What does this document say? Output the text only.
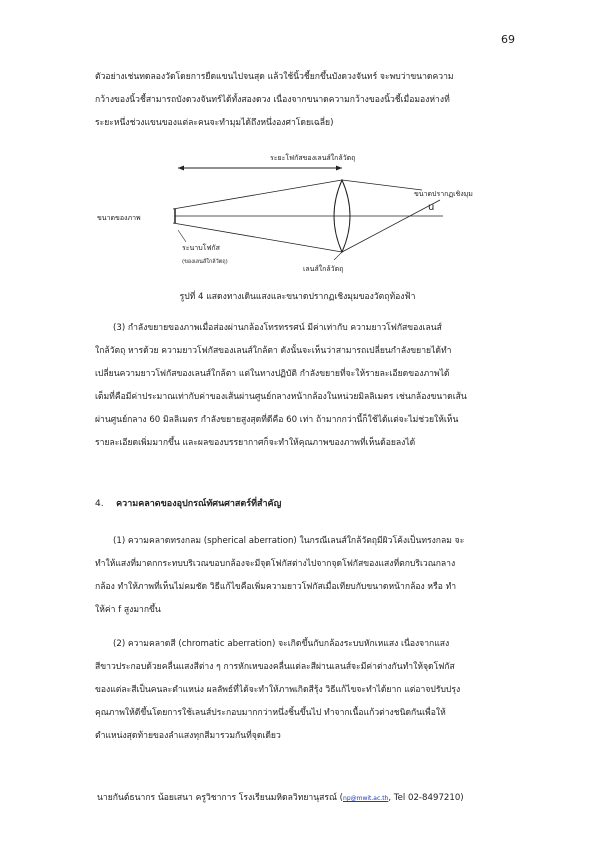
69
ตัวอย่างเช่นทดลองวัดโดยการยืดแขนไปจนสุด แล้วใช้นิ้วชี้ยกขึ้นบังดวงจันทร์ จะพบว่าขนาดความ
กว้างของนิ้วชี้สามารถบังดวงจันทร์ได้ทั้งสองดวง เนื่องจากขนาดความกว้างของนิ้วชี้เมื่อมองห่างที่
ระยะหนึ่งช่วงแขนของแต่ละคนจะทำมุมได้ถึงหนึ่งองศาโดยเฉลี่ย)
ระยะโฟกัสของเลนส์ใกล้วัตถุ
ขนาดของภาพ
ระนาบโฟกัส
(ของเลนส์ใกล้วัตถุ)
เลนส์ใกล้วัตถุ
ขนาดปรากฏเชิงมุม
u
รูปที่ 4 แสดงทางเดินแสงและขนาดปรากฏเชิงมุมของวัตถุท้องฟ้า
(3) กำลังขยายของภาพเมื่อส่องผ่านกล้องโทรทรรศน์ มีค่าเท่ากับ ความยาวโฟกัสของเลนส์
ใกล้วัตถุ หารด้วย ความยาวโฟกัสของเลนส์ใกล้ตา ดังนั้นจะเห็นว่าสามารถเปลี่ยนกำลังขยายได้ทำ
เปลี่ยนความยาวโฟกัสของเลนส์ใกล้ตา แต่ในทางปฏิบัติ กำลังขยายที่จะให้รายละเอียดของภาพได้
เต็มที่คือมีค่าประมาณเท่ากับค่าของเส้นผ่านศูนย์กลางหน้ากล้องในหน่วยมิลลิเมตร เช่นกล้องขนาดเส้น
ผ่านศูนย์กลาง 60 มิลลิเมตร กำลังขยายสูงสุดที่ดีคือ 60 เท่า ถ้ามากกว่านี้ก็ใช้ได้แต่จะไม่ช่วยให้เห็น
รายละเอียดเพิ่มมากขึ้น และผลของบรรยากาศก็จะทำให้คุณภาพของภาพที่เห็นด้อยลงได้
4. ความคลาดของอุปกรณ์ทัศนศาสตร์ที่สำคัญ
(1) ความคลาดทรงกลม (spherical aberration) ในกรณีเลนส์ใกล้วัตถุมีผิวโค้งเป็นทรงกลม จะ
ทำให้แสงที่มาตกกระทบบริเวณขอบกล้องจะมีจุดโฟกัสต่างไปจากจุดโฟกัสของแสงที่ตกบริเวณกลาง
กล้อง ทำให้ภาพที่เห็นไม่คมชัด วิธีแก้ไขคือเพิ่มความยาวโฟกัสเมื่อเทียบกับขนาดหน้ากล้อง หรือ ทำ
ให้ค่า f สูงมากขึ้น
(2) ความคลาดสี (chromatic aberration) จะเกิดขึ้นกับกล้องระบบหักเหแสง เนื่องจากแสง
สีขาวประกอบด้วยคลื่นแสงสีต่าง ๆ การหักเหของคลื่นแต่ละสีผ่านเลนส์จะมีค่าต่างกันทำให้จุดโฟกัส
ของแต่ละสีเป็นคนละตำแหน่ง ผลลัพธ์ที่ได้จะทำให้ภาพเกิดสีรุ้ง วิธีแก้ไขจะทำได้ยาก แต่อาจปรับปรุง
คุณภาพให้ดีขึ้นโดยการใช้เลนส์ประกอบมากกว่าหนึ่งชิ้นขึ้นไป ทำจากเนื้อแก้วต่างชนิดกันเพื่อให้
ตำแหน่งสุดท้ายของลำแสงทุกสีมารวมกันที่จุดเดียว
นายกันต์ธนากร น้อยเสนา ครูวิชาการ โรงเรียนมหิดลวิทยานุสรณ์ (np@mwit.ac.th, Tel 02-8497210)
